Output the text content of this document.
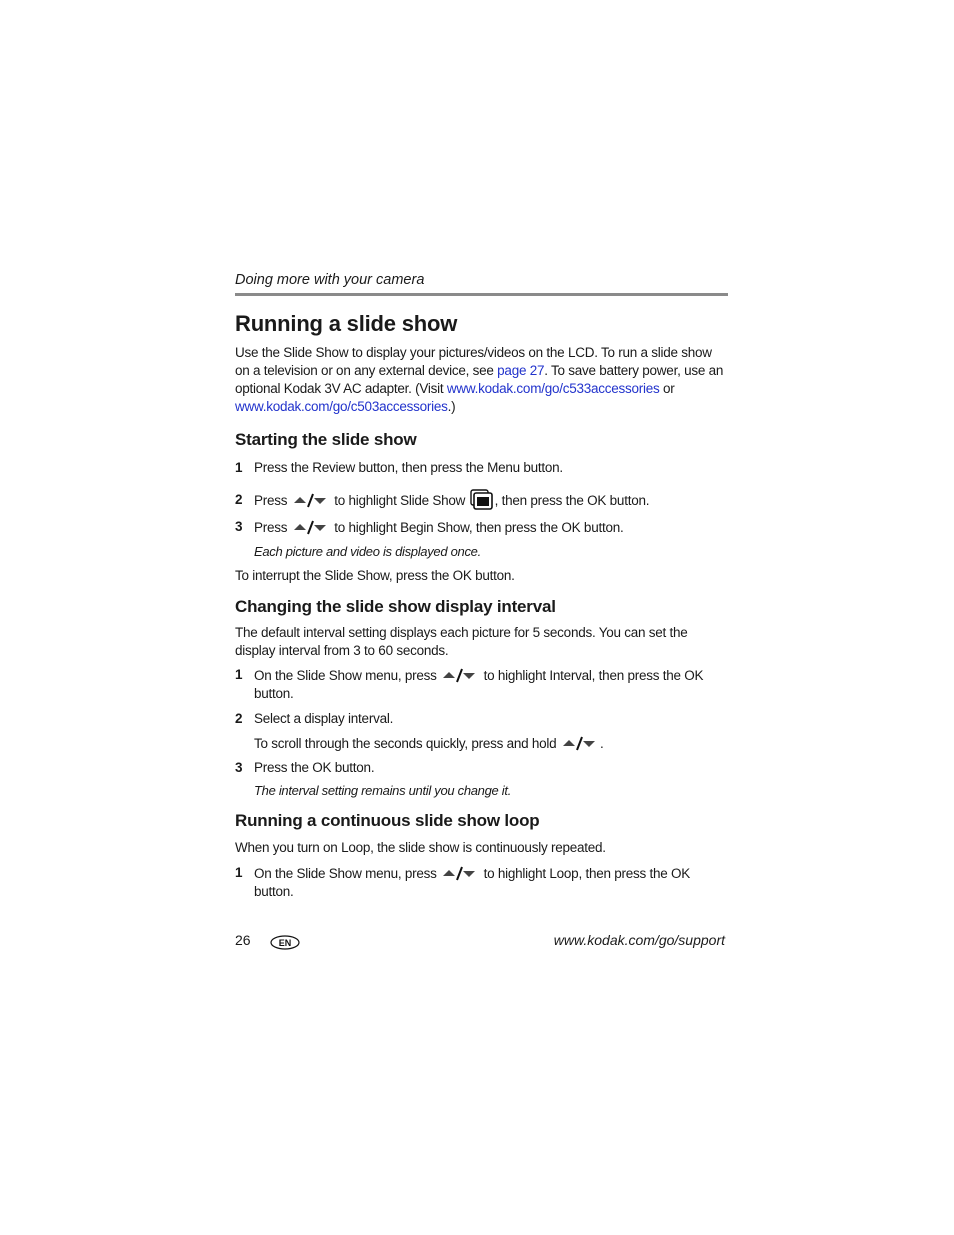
Doing more with your camera
Running a slide show

Use the Slide Show to display your pictures/videos on the LCD. To run a slide show on a television or on any external device, see page 27. To save battery power, use an optional Kodak 3V AC adapter. (Visit www.kodak.com/go/c533accessories or www.kodak.com/go/c503accessories.)

Starting the slide show
1 Press the Review button, then press the Menu button.
2 Press	to highlight Slide Show , then press the OK button.
3 Press	to highlight Begin Show, then press the OK button.
Each picture and video is displayed once.

To interrupt the Slide Show, press the OK button.

Changing the slide show display interval

The default interval setting displays each picture for 5 seconds. You can set the display interval from 3 to 60 seconds.

1 On the Slide Show menu, press	to highlight Interval, then press the OK button.
2 Select a display interval.
To scroll through the seconds quickly, press and hold	.
3 Press the OK button.
The interval setting remains until you change it.
Running a continuous slide show loop

When you turn on Loop, the slide show is continuously repeated.

1 On the Slide Show menu, press	to highlight Loop, then press the OK button.
26	EN	www.kodak.com/go/support
